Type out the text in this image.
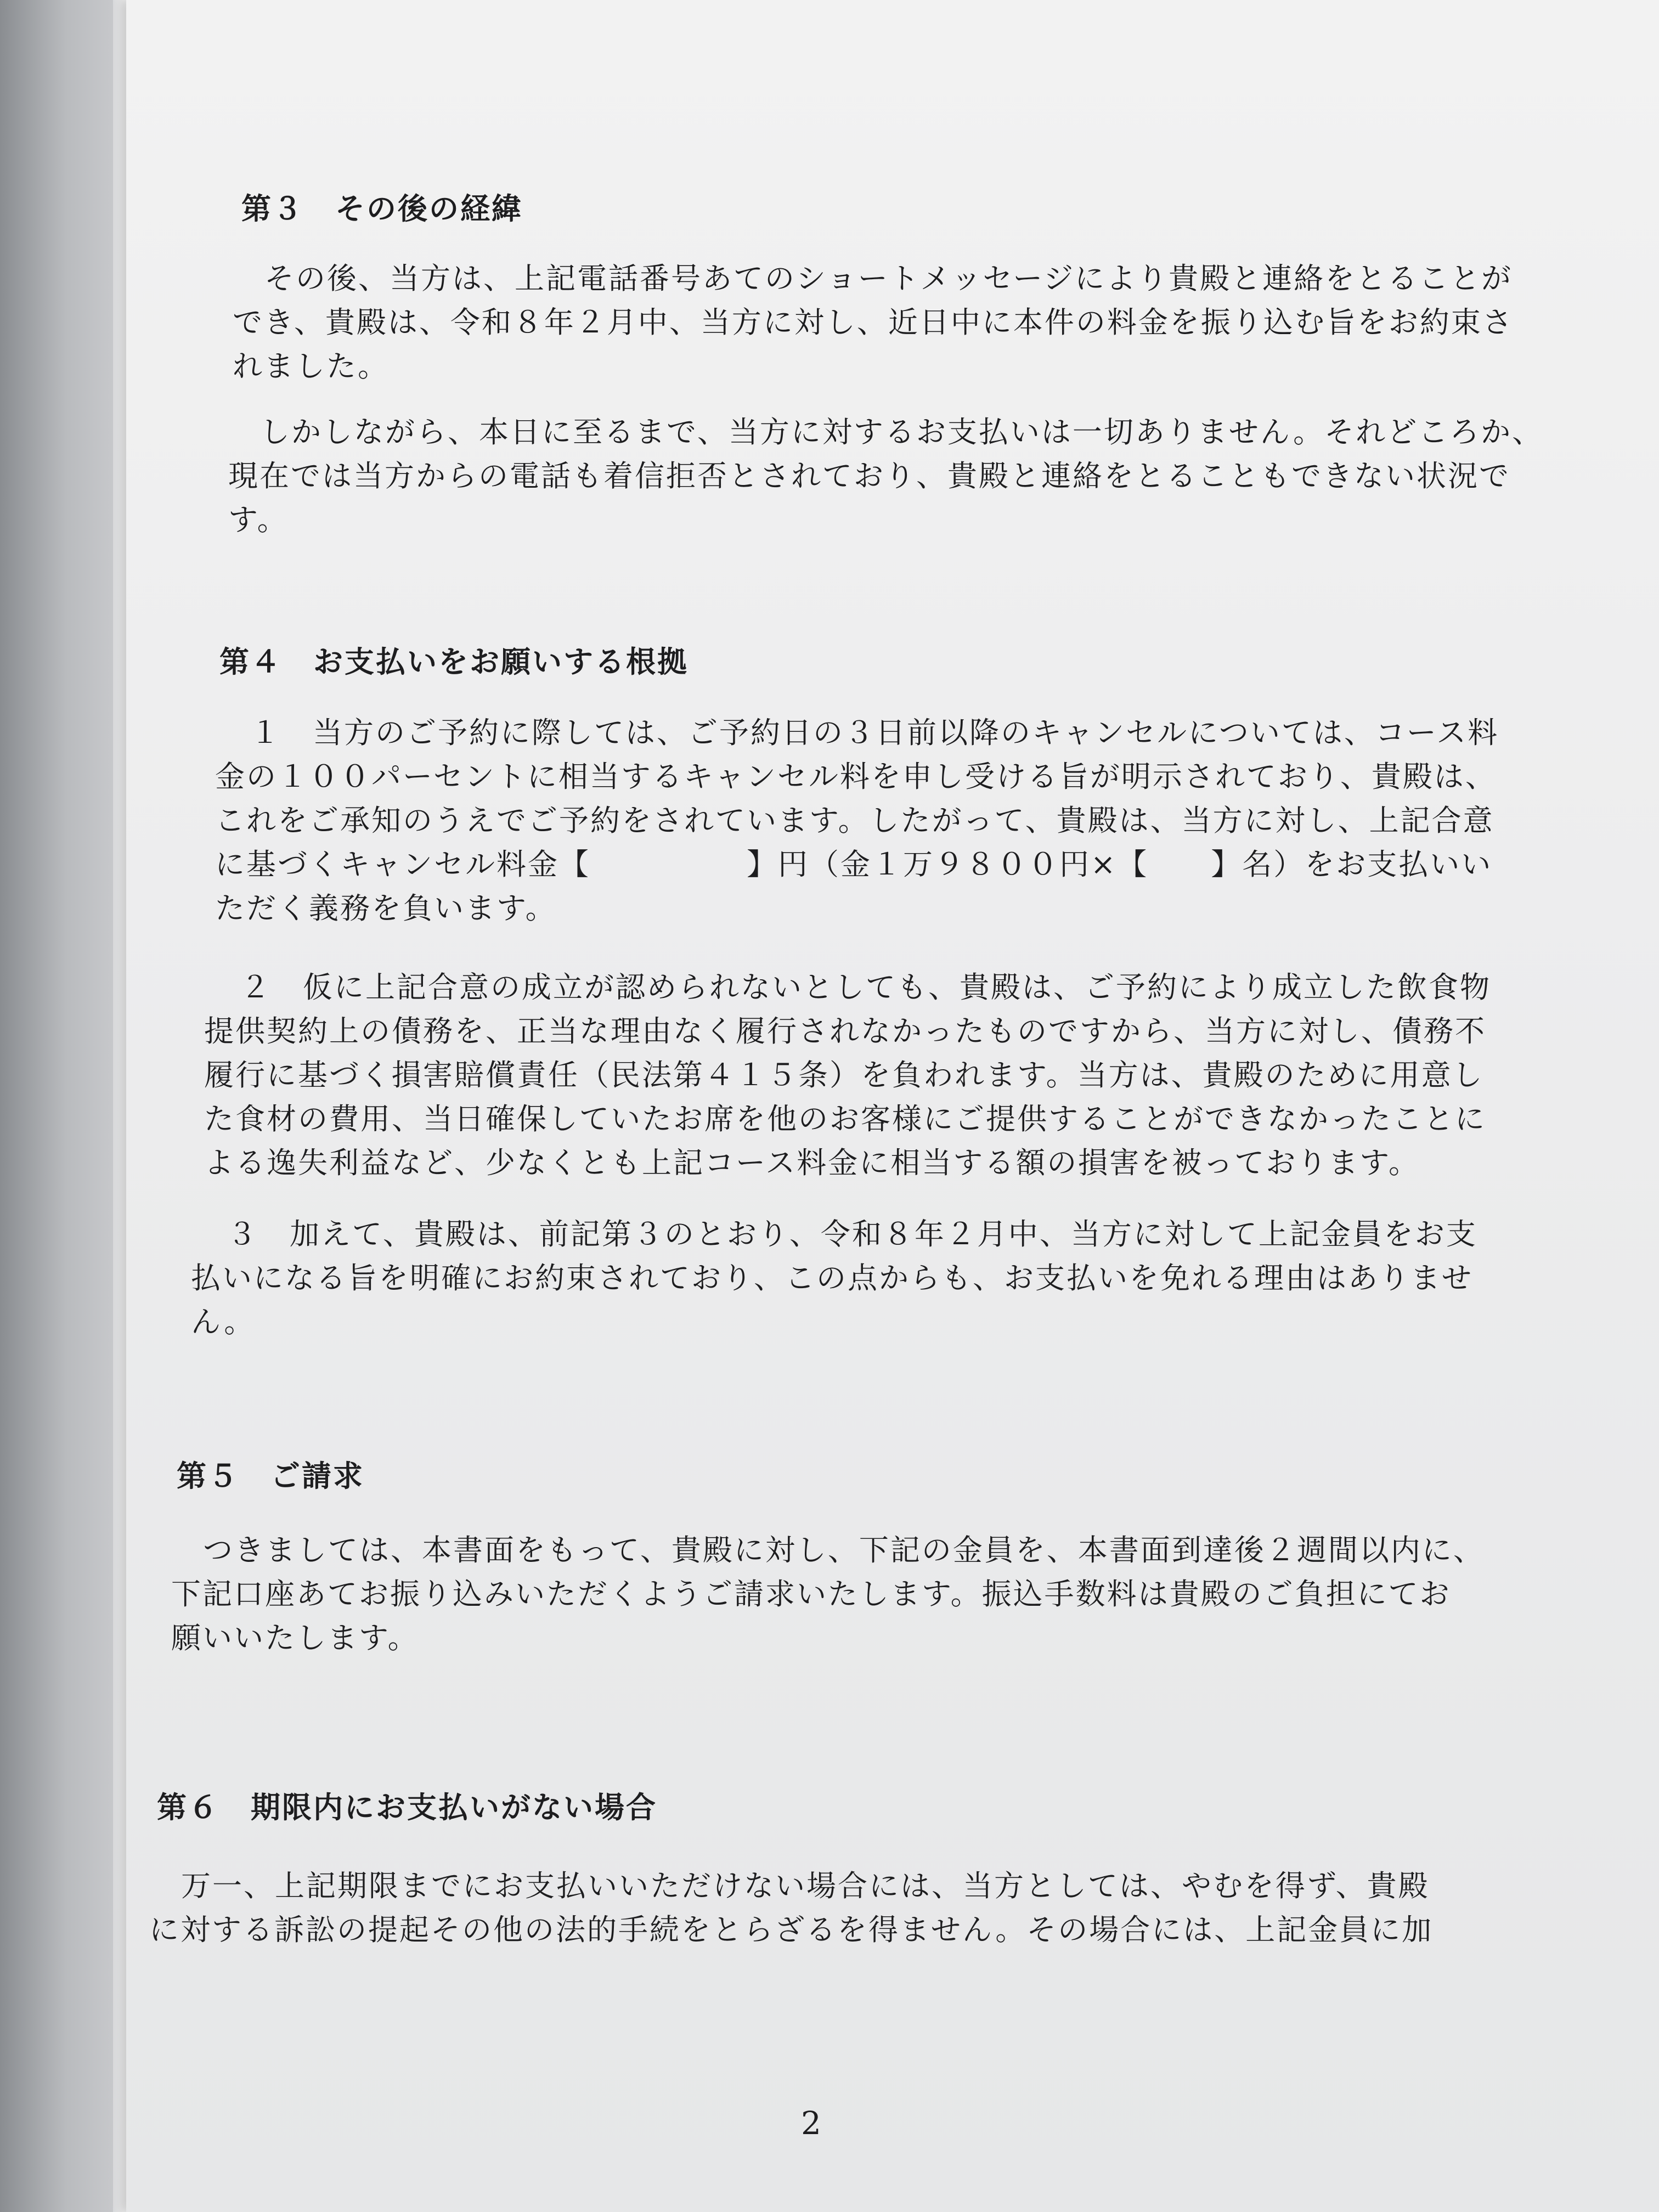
第３　その後の経緯

その後、当方は、上記電話番号あてのショートメッセージにより貴殿と連絡をとることが
でき、貴殿は、令和８年２月中、当方に対し、近日中に本件の料金を振り込む旨をお約束さ
れました。

しかしながら、本日に至るまで、当方に対するお支払いは一切ありません。それどころか、
現在では当方からの電話も着信拒否とされており、貴殿と連絡をとることもできない状況で
す。

第４　お支払いをお願いする根拠

１　当方のご予約に際しては、ご予約日の３日前以降のキャンセルについては、コース料
金の１００パーセントに相当するキャンセル料を申し受ける旨が明示されており、貴殿は、
これをご承知のうえでご予約をされています。したがって、貴殿は、当方に対し、上記合意
に基づくキャンセル料金【　　　　　】円（金１万９８００円×【　　】名）をお支払いい
ただく義務を負います。

２　仮に上記合意の成立が認められないとしても、貴殿は、ご予約により成立した飲食物
提供契約上の債務を、正当な理由なく履行されなかったものですから、当方に対し、債務不
履行に基づく損害賠償責任（民法第４１５条）を負われます。当方は、貴殿のために用意し
た食材の費用、当日確保していたお席を他のお客様にご提供することができなかったことに
よる逸失利益など、少なくとも上記コース料金に相当する額の損害を被っております。

３　加えて、貴殿は、前記第３のとおり、令和８年２月中、当方に対して上記金員をお支
払いになる旨を明確にお約束されており、この点からも、お支払いを免れる理由はありませ
ん。

第５　ご請求

つきましては、本書面をもって、貴殿に対し、下記の金員を、本書面到達後２週間以内に、
下記口座あてお振り込みいただくようご請求いたします。振込手数料は貴殿のご負担にてお
願いいたします。

第６　期限内にお支払いがない場合

万一、上記期限までにお支払いいただけない場合には、当方としては、やむを得ず、貴殿
に対する訴訟の提起その他の法的手続をとらざるを得ません。その場合には、上記金員に加

2
